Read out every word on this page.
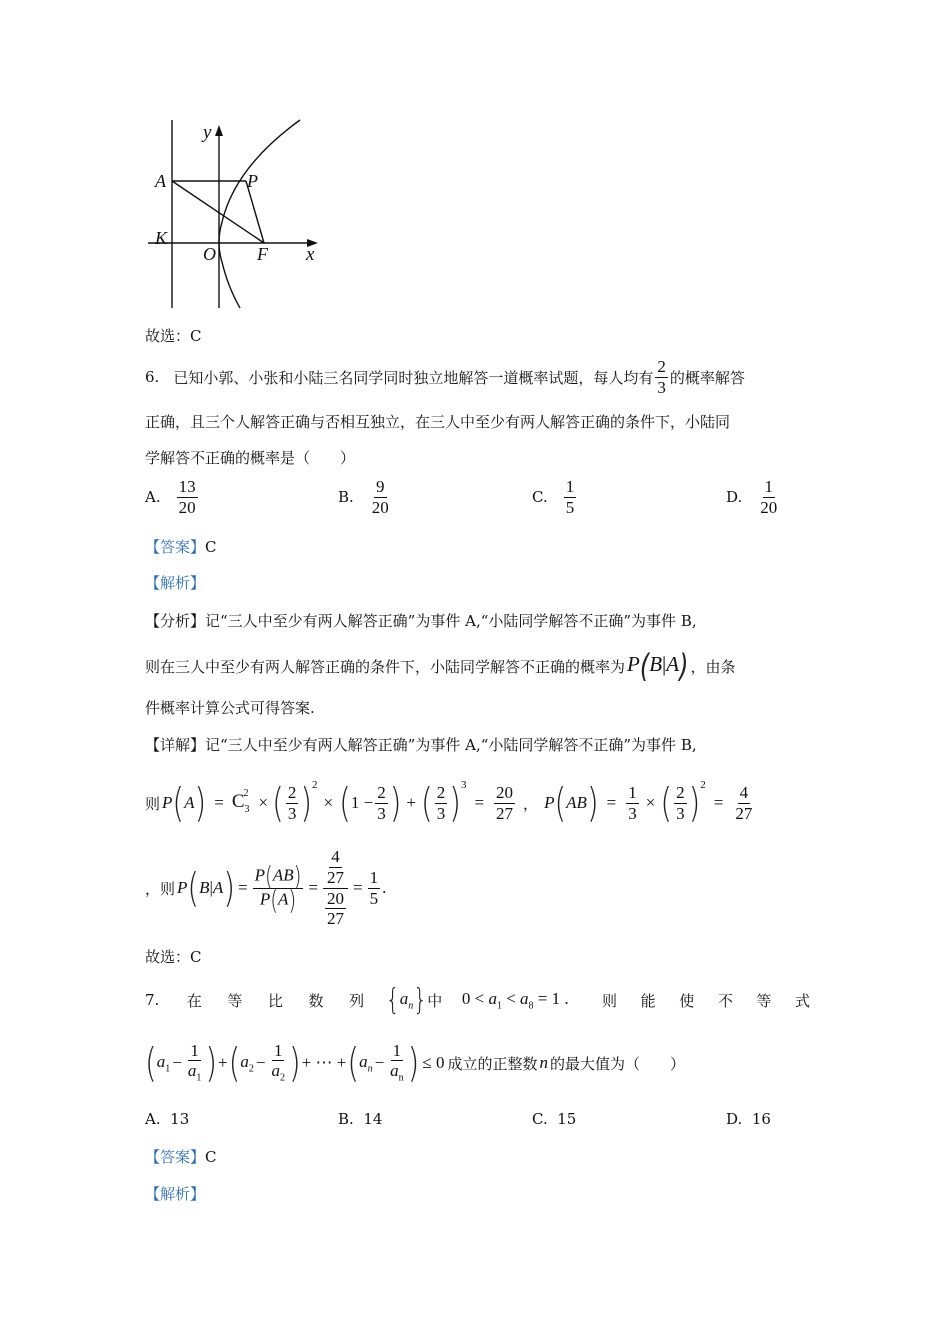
y
A	P
K
O F x
故选：C
6. 已知小郭、小张和小陆三名同学同时独立地解答一道概率试题，每人均有 $\frac{2}{3}$ 的概率解答
正确，且三个人解答正确与否相互独立，在三人中至少有两人解答正确的条件下，小陆同
学解答不正确的概率是（　　）
A. $\frac{13}{20}$	B. $\frac{9}{20}$	C. $\frac{1}{5}$	D. $\frac{1}{20}$
【答案】C
【解析】
【分析】记“三人中至少有两人解答正确”为事件 A,“小陆同学解答不正确”为事件 B,
则在三人中至少有两人解答正确的条件下，小陆同学解答不正确的概率为 P(B|A) ，由条
件概率计算公式可得答案.
【详解】记“三人中至少有两人解答正确”为事件 A,“小陆同学解答不正确”为事件 B,
则 P ( A ) = $C_3^2$ × ( $\frac{2}{3} )^2$
× ( $1 - \frac{2}{3}$ ) + ( $\frac{2}{3} )^3$
= $\frac{20}{27}$ ， P ( AB ) = $\frac{1}{3}$ × ( $\frac{2}{3} )^2$
= $\frac{4}{27}$
，则 P ( B | A ) = $\frac{P(AB)}{P(A)} = \frac{\frac{4}{27}}{\frac{20}{27}} = \frac{1}{5}$ .
故选：C
7. 在 等 比 数 列 { $a_n$ } 中 $0 < a_1 < a_8 = 1$ . 则 能 使 不 等 式
( $a_1 - \frac{1}{a_1}$ ) + ( $a_2 - \frac{1}{a_2}$ ) + ⋯ + ( $a_n - \frac{1}{a_n}$ ) ≤ 0 成立的正整数 n 的最大值为（　　）
A. 13	B. 14	C. 15	D. 16
【答案】C
【解析】
